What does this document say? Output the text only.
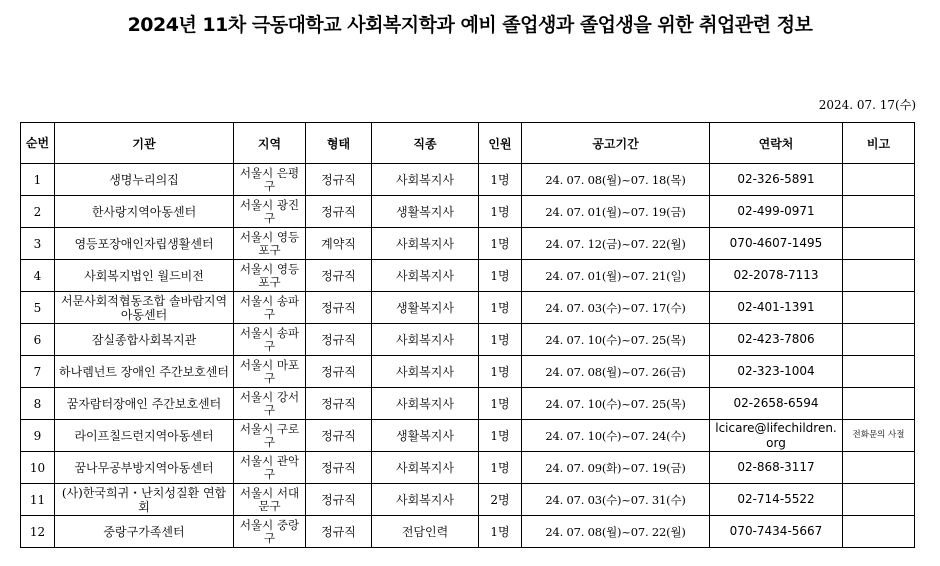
2024년 11차 극동대학교 사회복지학과 예비 졸업생과 졸업생을 위한 취업관련 정보
2024. 07. 17(수)
순번	기관	지역	형태	직종	인원	공고기간	연락처	비고
1	생명누리의집	서울시 은평구	정규직	사회복지사	1명	24. 07. 08(월)~07. 18(목)	02-326-5891	
2	한사랑지역아동센터	서울시 광진구	정규직	생활복지사	1명	24. 07. 01(월)~07. 19(금)	02-499-0971	
3	영등포장애인자립생활센터	서울시 영등포구	계약직	사회복지사	1명	24. 07. 12(금)~07. 22(월)	070-4607-1495	
4	사회복지법인 월드비전	서울시 영등포구	정규직	사회복지사	1명	24. 07. 01(월)~07. 21(일)	02-2078-7113	
5	서문사회적협동조합 솔바람지역아동센터	서울시 송파구	정규직	생활복지사	1명	24. 07. 03(수)~07. 17(수)	02-401-1391	
6	잠실종합사회복지관	서울시 송파구	정규직	사회복지사	1명	24. 07. 10(수)~07. 25(목)	02-423-7806	
7	하나렘넌트 장애인 주간보호센터	서울시 마포구	정규직	사회복지사	1명	24. 07. 08(월)~07. 26(금)	02-323-1004	
8	꿈자람터장애인 주간보호센터	서울시 강서구	정규직	사회복지사	1명	24. 07. 10(수)~07. 25(목)	02-2658-6594	
9	라이프칠드런지역아동센터	서울시 구로구	정규직	생활복지사	1명	24. 07. 10(수)~07. 24(수)	lcicare@lifechildren.org	전화문의 사절
10	꿈나무공부방지역아동센터	서울시 관악구	정규직	사회복지사	1명	24. 07. 09(화)~07. 19(금)	02-868-3117	
11	(사)한국희귀・난치성질환 연합회	서울시 서대문구	정규직	사회복지사	2명	24. 07. 03(수)~07. 31(수)	02-714-5522	
12	중랑구가족센터	서울시 중랑구	정규직	전담인력	1명	24. 07. 08(월)~07. 22(월)	070-7434-5667	
